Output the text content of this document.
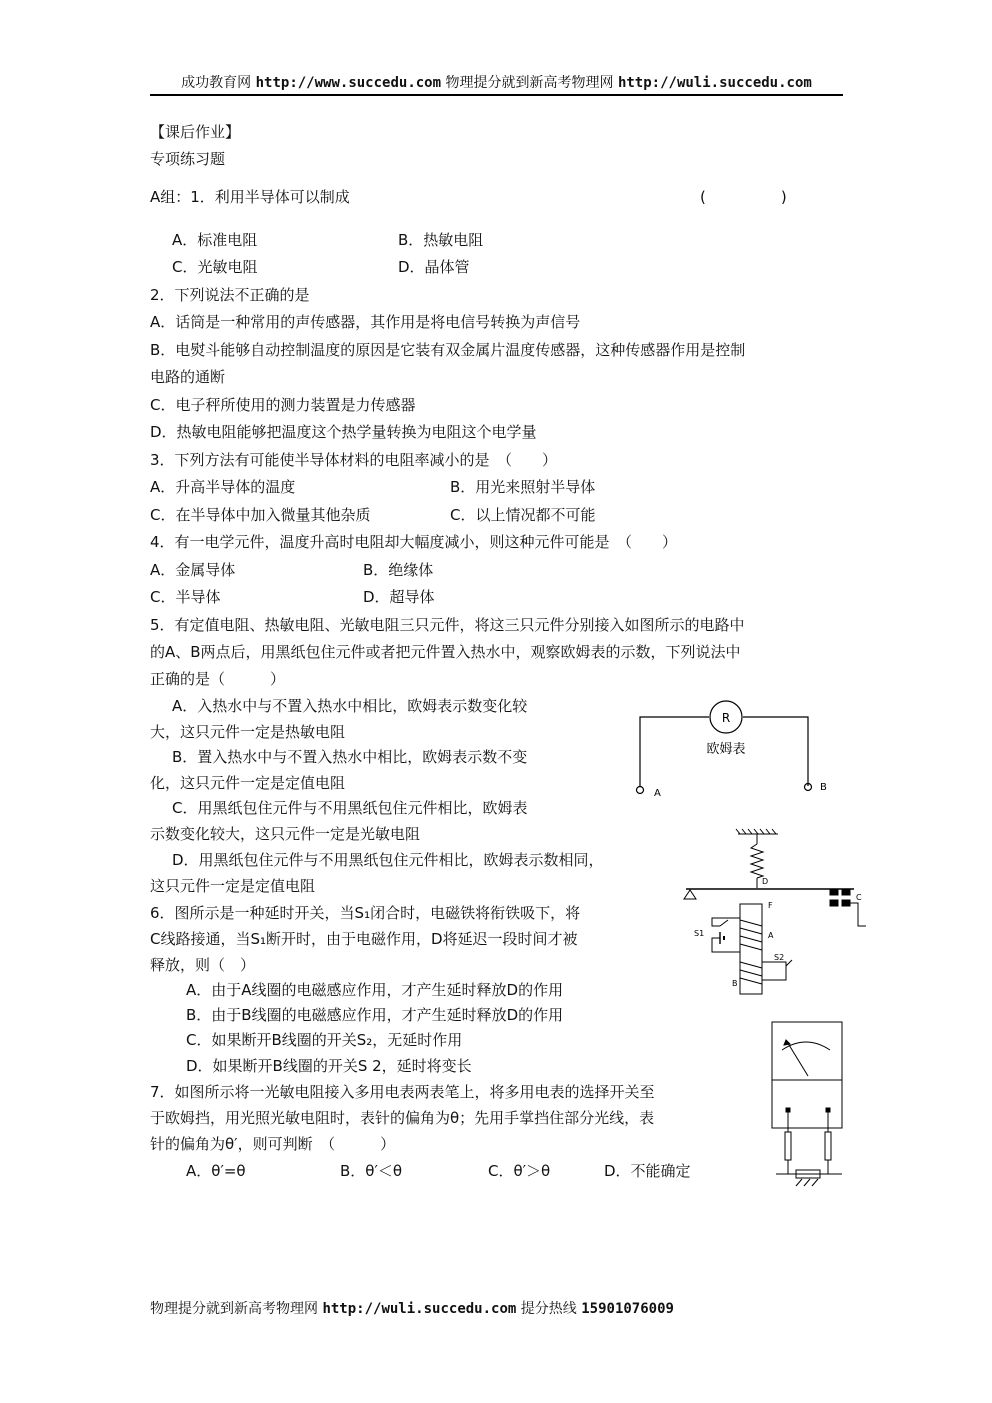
成功教育网 http://www.succedu.com 物理提分就到新高考物理网 http://wuli.succedu.com
【课后作业】
专项练习题
A组：1．利用半导体可以制成	(　　　　　)
A．标准电阻	B．热敏电阻
C．光敏电阻	D．晶体管
2．下列说法不正确的是
A．话筒是一种常用的声传感器，其作用是将电信号转换为声信号
B．电熨斗能够自动控制温度的原因是它装有双金属片温度传感器，这种传感器作用是控制
电路的通断
C．电子秤所使用的测力装置是力传感器
D．热敏电阻能够把温度这个热学量转换为电阻这个电学量
3．下列方法有可能使半导体材料的电阻率减小的是　（　　）
A．升高半导体的温度	B．用光来照射半导体
C．在半导体中加入微量其他杂质	C．以上情况都不可能
4．有一电学元件，温度升高时电阻却大幅度减小，则这种元件可能是　（　　）
A．金属导体	B．绝缘体
C．半导体	D．超导体
5．有定值电阻、热敏电阻、光敏电阻三只元件，将这三只元件分别接入如图所示的电路中
的A、B两点后，用黑纸包住元件或者把元件置入热水中，观察欧姆表的示数，下列说法中
正确的是（　　　）
A．入热水中与不置入热水中相比，欧姆表示数变化较
大，这只元件一定是热敏电阻
B．置入热水中与不置入热水中相比，欧姆表示数不变
化，这只元件一定是定值电阻
C．用黑纸包住元件与不用黑纸包住元件相比，欧姆表
示数变化较大，这只元件一定是光敏电阻
D．用黑纸包住元件与不用黑纸包住元件相比，欧姆表示数相同，
这只元件一定是定值电阻
6．图所示是一种延时开关，当S₁闭合时，电磁铁将衔铁吸下，将
C线路接通，当S₁断开时，由于电磁作用，D将延迟一段时间才被
释放，则（　）
A．由于A线圈的电磁感应作用，才产生延时释放D的作用
B．由于B线圈的电磁感应作用，才产生延时释放D的作用
C．如果断开B线圈的开关S₂，无延时作用
D．如果断开B线圈的开关S 2，延时将变长
7．如图所示将一光敏电阻接入多用电表两表笔上，将多用电表的选择开关至
于欧姆挡，用光照光敏电阻时，表针的偏角为θ；先用手掌挡住部分光线，表
针的偏角为θ′，则可判断　（　　　）
A．θ′=θ	B．θ′＜θ	C．θ′＞θ	D．不能确定
R
欧姆表
A
B
D
C
F
A
B
S1
S2
物理提分就到新高考物理网 http://wuli.succedu.com 提分热线 15901076009
